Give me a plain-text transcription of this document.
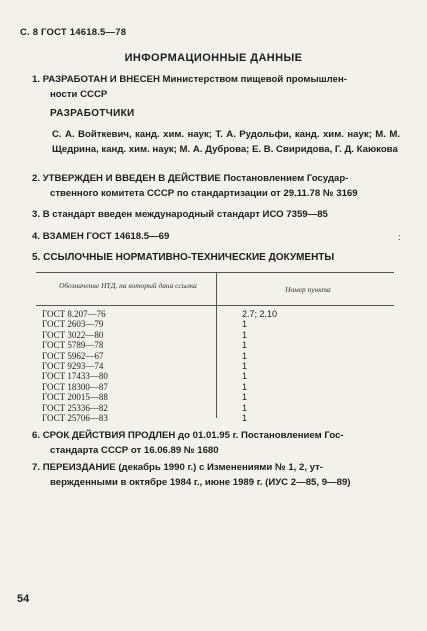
С. 8 ГОСТ 14618.5—78
ИНФОРМАЦИОННЫЕ ДАННЫЕ
1. РАЗРАБОТАН И ВНЕСЕН Министерством пищевой промышлен-
ности СССР
РАЗРАБОТЧИКИ
С. А. Войткевич, канд. хим. наук; Т. А. Рудольфи, канд. хим. наук; М. М. Щедрина, канд. хим. наук; М. А. Дуброва; Е. В. Свиридова, Г. Д. Каюкова
2. УТВЕРЖДЕН И ВВЕДЕН В ДЕЙСТВИЕ Постановлением Государ-
ственного комитета СССР по стандартизации от 29.11.78 № 3169
3. В стандарт введен международный стандарт ИСО 7359—85
4. ВЗАМЕН ГОСТ 14618.5—69	:
5. ССЫЛОЧНЫЕ НОРМАТИВНО-ТЕХНИЧЕСКИЕ ДОКУМЕНТЫ
Обозначение НТД, на который дана ссылка	Номер пункта
ГОСТ 8.207—76	2.7; 2.10
ГОСТ 2603—79	1
ГОСТ 3022—80	1
ГОСТ 5789—78	1
ГОСТ 5962—67	1
ГОСТ 9293—74	1
ГОСТ 17433—80	1
ГОСТ 18300—87	1
ГОСТ 20015—88	1
ГОСТ 25336—82	1
ГОСТ 25706—83	1
6. СРОК ДЕЙСТВИЯ ПРОДЛЕН до 01.01.95 г. Постановлением Гос-
стандарта СССР от 16.06.89 № 1680
7. ПЕРЕИЗДАНИЕ (декабрь 1990 г.) с Изменениями № 1, 2, ут-
вержденными в октябре 1984 г., июне 1989 г. (ИУС 2—85, 9—89)
54
